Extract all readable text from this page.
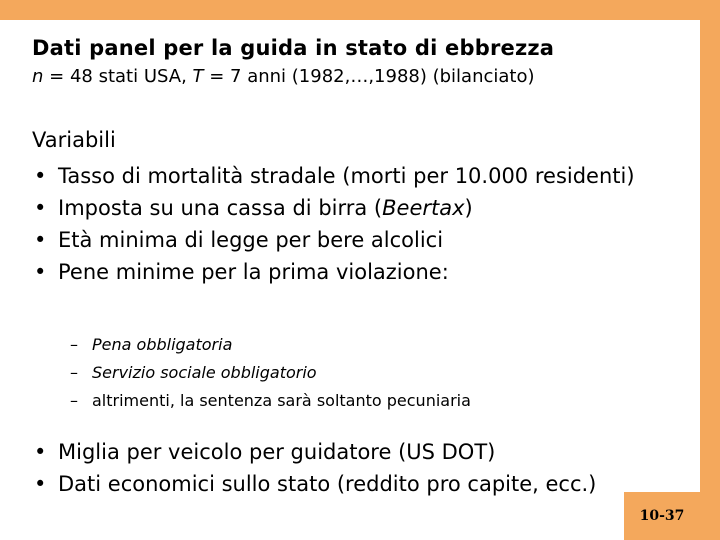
Dati panel per la guida in stato di ebbrezza
n = 48 stati USA, T = 7 anni (1982,…,1988) (bilanciato)
Variabili
• Tasso di mortalità stradale (morti per 10.000 residenti)
• Imposta su una cassa di birra (Beertax)
• Età minima di legge per bere alcolici
• Pene minime per la prima violazione:
– Pena obbligatoria
– Servizio sociale obbligatorio
– altrimenti, la sentenza sarà soltanto pecuniaria
• Miglia per veicolo per guidatore (US DOT)
• Dati economici sullo stato (reddito pro capite, ecc.)
10-37
